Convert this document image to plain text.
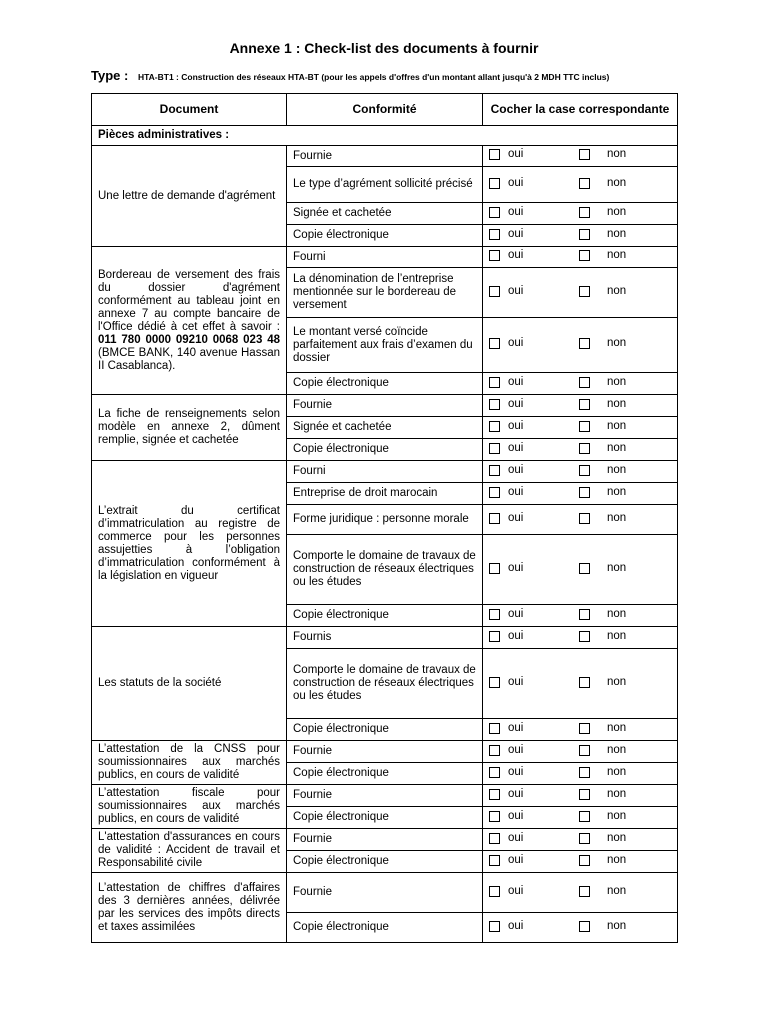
Annexe 1 : Check-list des documents à fournir
Type : HTA-BT1 : Construction des réseaux HTA-BT (pour les appels d'offres d'un montant allant jusqu'à 2 MDH TTC inclus)
Document	Conformité	Cocher la case correspondante
Pièces administratives :		
Une lettre de demande d'agrément	Fournie	oui non

	Le type d’agrément sollicité précisé	oui non

	Signée et cachetée	oui non

	Copie électronique	oui non

Bordereau de versement des frais du dossier d'agrément conformément au tableau joint en annexe 7 au compte bancaire de l'Office dédié à cet effet à savoir : 011 780 0000 09210 0068 023 48 (BMCE BANK, 140 avenue Hassan II Casablanca).	Fourni	oui non

	La dénomination de l’entreprise mentionnée sur le bordereau de versement	oui non

	Le montant versé coïncide parfaitement aux frais d’examen du dossier	oui non

	Copie électronique	oui non

La fiche de renseignements selon modèle en annexe 2, dûment remplie, signée et cachetée	Fournie	oui non

	Signée et cachetée	oui non

	Copie électronique	oui non

L’extrait du certificat d’immatriculation au registre de commerce pour les personnes assujetties à l’obligation d’immatriculation conformément à la législation en vigueur	Fourni	oui non

	Entreprise de droit marocain	oui non

	Forme juridique : personne morale	oui non

	Comporte le domaine de travaux de construction de réseaux électriques ou les études	oui non

	Copie électronique	oui non

Les statuts de la société	Fournis	oui non

	Comporte le domaine de travaux de construction de réseaux électriques ou les études	oui non

	Copie électronique	oui non

L’attestation de la CNSS pour soumissionnaires aux marchés publics, en cours de validité	Fournie	oui non

	Copie électronique	oui non

L’attestation fiscale pour soumissionnaires aux marchés publics, en cours de validité	Fournie	oui non

	Copie électronique	oui non

L'attestation d'assurances en cours de validité : Accident de travail et Responsabilité civile	Fournie	oui non

	Copie électronique	oui non

L’attestation de chiffres d'affaires des 3 dernières années, délivrée par les services des impôts directs et taxes assimilées	Fournie	oui non

	Copie électronique	oui non
